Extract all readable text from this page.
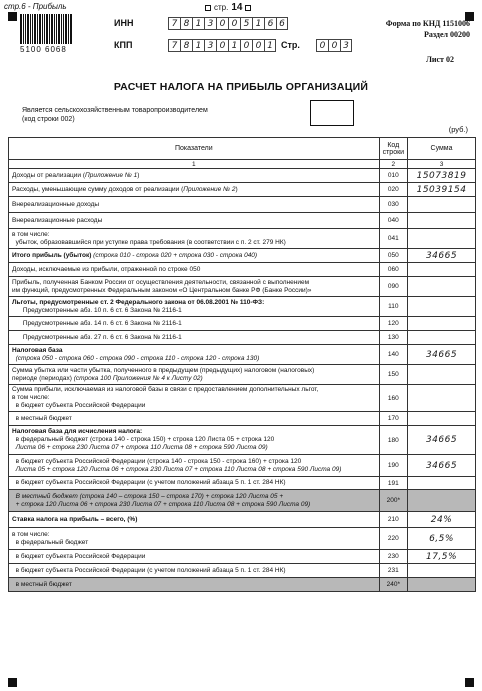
стр.6 - Прибыль	стр. 14
5100 6068
ИНН	7 8 1 3 0 0 5 1 6 6
КПП	7 8 1 3 0 1 0 0 1 Стр.	0 0 3
Форма по КНД 1151006
Раздел 00200
Лист 02
РАСЧЕТ НАЛОГА НА ПРИБЫЛЬ ОРГАНИЗАЦИЙ
Является сельскохозяйственным товаропроизводителем
(код строки 002)
(руб.)
Показатели	Код строки	Сумма
1	2	3
Доходы от реализации (Приложение № 1)	010	15073819
Расходы, уменьшающие сумму доходов от реализации (Приложение № 2)	020	15039154
Внереализационные доходы	030	
Внереализационные расходы	040	
в том числе:
убыток, образовавшийся при уступке права требования (в соответствии с п. 2 ст. 279 НК)	041	
Итого прибыль (убыток) (строка 010 - строка 020 + строка 030 - строка 040)	050	34665
Доходы, исключаемые из прибыли, отраженной по строке 050	060	
Прибыль, полученная Банком России от осуществления деятельности, связанной с выполнением
им функций, предусмотренных Федеральным законом «О Центральном банке РФ (Банке России)»	090	
Льготы, предусмотренные ст. 2 Федерального закона от 06.08.2001 № 110-ФЗ:
Предусмотренные абз. 10 п. 6 ст. 6 Закона № 2116-1	110	
Предусмотренные абз. 14 п. 6 ст. 6 Закона № 2116-1	120	
Предусмотренные абз. 27 п. 6 ст. 6 Закона № 2116-1	130	
Налоговая база
(строка 050 - строка 060 - строка 090 - строка 110 - строка 120 - строка 130)	140	34665
Сумма убытка или части убытка, полученного в предыдущем (предыдущих) налоговом (налоговых)
периоде (периодах) (строка 100 Приложения № 4 к Листу 02)	150	
Сумма прибыли, исключаемая из налоговой базы в связи с предоставлением дополнительных льгот,
в том числе:
в бюджет субъекта Российской Федерации	160	
в местный бюджет	170	
Налоговая база для исчисления налога:
в федеральный бюджет (строка 140 - строка 150) + строка 120 Листа 05 + строка 120
Листа 06 + строка 230 Листа 07 + строка 110 Листа 08 + строка 590 Листа 09)	180	34665
в бюджет субъекта Российской Федерации (строка 140 - строка 150 - строка 160) + строка 120
Листа 05 + строка 120 Листа 06 + строка 230 Листа 07 + строка 110 Листа 08 + строка 590 Листа 09)	190	34665
в бюджет субъекта Российской Федерации (с учетом положений абзаца 5 п. 1 ст. 284 НК)	191	
В местный бюджет (строка 140 – строка 150 – строка 170) + строка 120 Листа 05 +
+ строка 120 Листа 06 + строка 230 Листа 07 + строка 110 Листа 08 + строка 590 Листа 09)	200*	
Ставка налога на прибыль – всего, (%)	210	24%
в том числе:
в федеральный бюджет	220	6,5%
в бюджет субъекта Российской Федерации	230	17,5%
в бюджет субъекта Российской Федерации (с учетом положений абзаца 5 п. 1 ст. 284 НК)	231	
в местный бюджет	240*	
